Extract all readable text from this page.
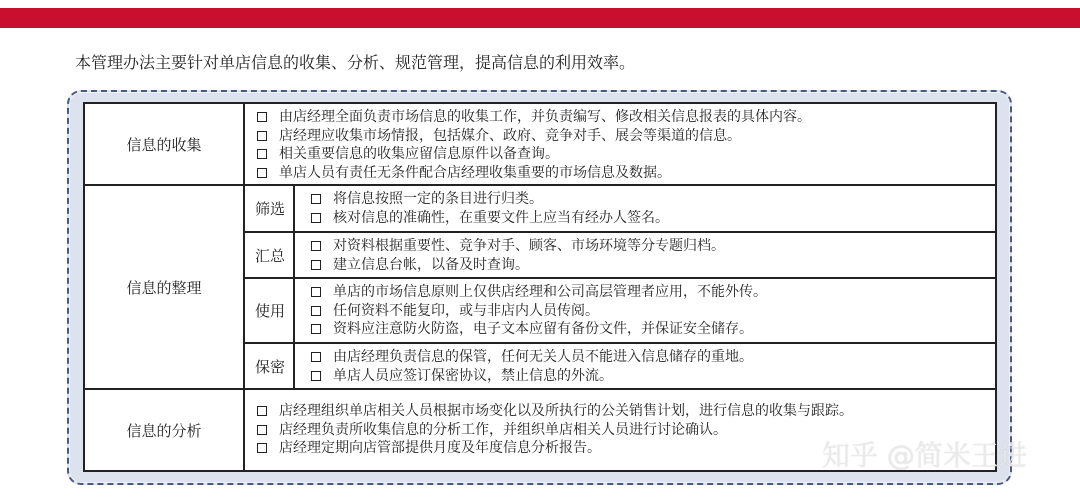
本管理办法主要针对单店信息的收集、分析、规范管理，提高信息的利用效率。
信息的收集
由店经理全面负责市场信息的收集工作，并负责编写、修改相关信息报表的具体内容。
店经理应收集市场情报，包括媒介、政府、竞争对手、展会等渠道的信息。
相关重要信息的收集应留信息原件以备查询。
单店人员有责任无条件配合店经理收集重要的市场信息及数据。
信息的整理
筛选
将信息按照一定的条目进行归类。
核对信息的准确性，在重要文件上应当有经办人签名。
汇总
对资料根据重要性、竞争对手、顾客、市场环境等分专题归档。
建立信息台帐，以备及时查询。
使用
单店的市场信息原则上仅供店经理和公司高层管理者应用，不能外传。
任何资料不能复印，或与非店内人员传阅。
资料应注意防火防盗，电子文本应留有备份文件，并保证安全储存。
保密
由店经理负责信息的保管，任何无关人员不能进入信息储存的重地。
单店人员应签订保密协议，禁止信息的外流。
信息的分析
店经理组织单店相关人员根据市场变化以及所执行的公关销售计划，进行信息的收集与跟踪。
店经理负责所收集信息的分析工作，并组织单店相关人员进行讨论确认。
店经理定期向店管部提供月度及年度信息分析报告。	知乎 @简米王进
